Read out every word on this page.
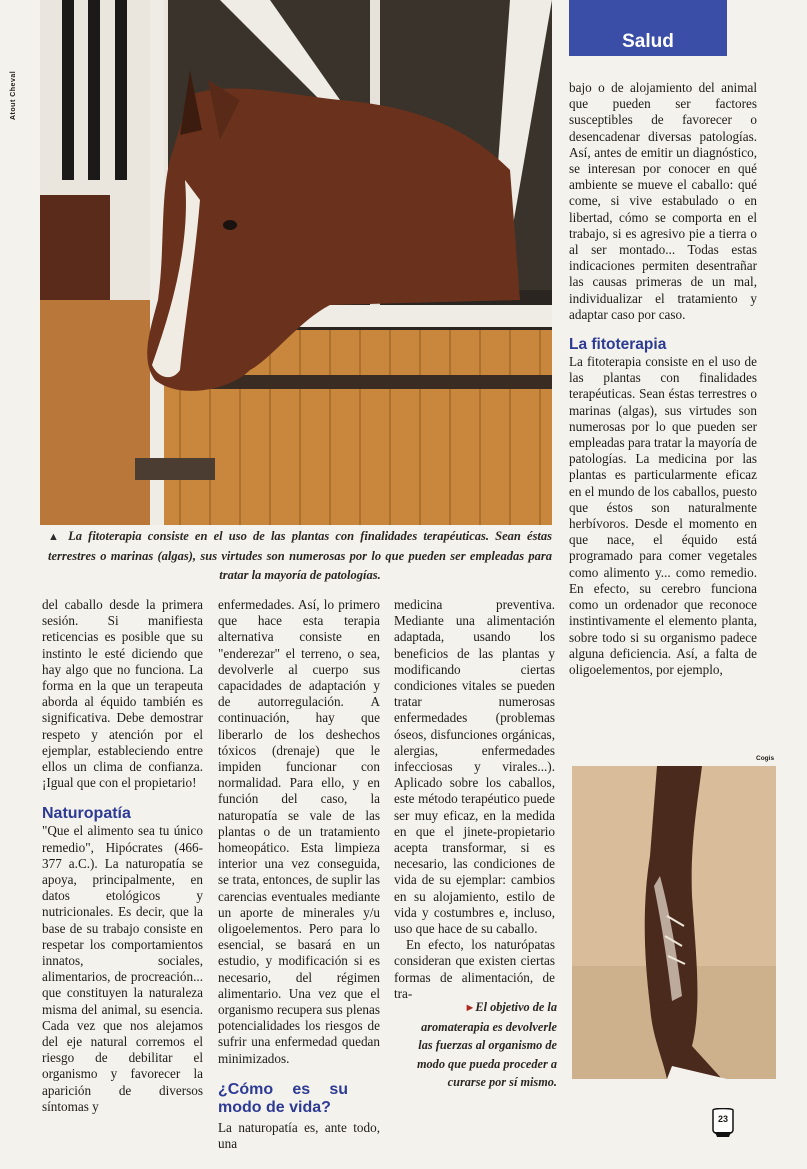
Atout Cheval
Salud
▲ La fitoterapia consiste en el uso de las plantas con finalidades terapéuticas. Sean éstas terrestres o marinas (algas), sus virtudes son numerosas por lo que pueden ser empleadas para tratar la mayoría de patologías.

bajo o de alojamiento del animal que pueden ser factores susceptibles de favorecer o desencadenar diversas patologías. Así, antes de emitir un diagnóstico, se interesan por conocer en qué ambiente se mueve el caballo: qué come, si vive estabulado o en libertad, cómo se comporta en el trabajo, si es agresivo pie a tierra o al ser montado... Todas estas indicaciones permiten desentrañar las causas primeras de un mal, individualizar el tratamiento y adaptar caso por caso.

La fitoterapia

La fitoterapia consiste en el uso de las plantas con finalidades terapéuticas. Sean éstas terrestres o marinas (algas), sus virtudes son numerosas por lo que pueden ser empleadas para tratar la mayoría de patologías. La medicina por las plantas es particularmente eficaz en el mundo de los caballos, puesto que éstos son naturalmente herbívoros. Desde el momento en que nace, el équido está programado para comer vegetales como alimento y... como remedio. En efecto, su cerebro funciona como un ordenador que reconoce instintivamente el elemento planta, sobre todo si su organismo padece alguna deficiencia. Así, a falta de oligoelementos, por ejemplo,

Cogis

del caballo desde la primera sesión. Si manifiesta reticencias es posible que su instinto le esté diciendo que hay algo que no funciona. La forma en la que un terapeuta aborda al équido también es significativa. Debe demostrar respeto y atención por el ejemplar, estableciendo entre ellos un clima de confianza. ¡Igual que con el propietario!

Naturopatía

"Que el alimento sea tu único remedio", Hipócrates (466-377 a.C.). La naturopatía se apoya, principalmente, en datos etológicos y nutricionales. Es decir, que la base de su trabajo consiste en respetar los comportamientos innatos, sociales, alimentarios, de procreación... que constituyen la naturaleza misma del animal, su esencia. Cada vez que nos alejamos del eje natural corremos el riesgo de debilitar el organismo y favorecer la aparición de diversos síntomas y

enfermedades. Así, lo primero que hace esta terapia alternativa consiste en "enderezar" el terreno, o sea, devolverle al cuerpo sus capacidades de adaptación y de autorregulación. A continuación, hay que liberarlo de los deshechos tóxicos (drenaje) que le impiden funcionar con normalidad. Para ello, y en función del caso, la naturopatía se vale de las plantas o de un tratamiento homeopático. Esta limpieza interior una vez conseguida, se trata, entonces, de suplir las carencias eventuales mediante un aporte de minerales y/u oligoelementos. Pero para lo esencial, se basará en un estudio, y modificación si es necesario, del régimen alimentario. Una vez que el organismo recupera sus plenas potencialidades los riesgos de sufrir una enfermedad quedan minimizados.

¿Cómo es su modo de vida?

La naturopatía es, ante todo, una

medicina preventiva. Mediante una alimentación adaptada, usando los beneficios de las plantas y modificando ciertas condiciones vitales se pueden tratar numerosas enfermedades (problemas óseos, disfunciones orgánicas, alergias, enfermedades infecciosas y virales...). Aplicado sobre los caballos, este método terapéutico puede ser muy eficaz, en la medida en que el jinete-propietario acepta transformar, si es necesario, las condiciones de vida de su ejemplar: cambios en su alojamiento, estilo de vida y costumbres e, incluso, uso que hace de su caballo.

En efecto, los naturópatas consideran que existen ciertas formas de alimentación, de tra-

►El objetivo de la aromaterapia es devolverle las fuerzas al organismo de modo que pueda proceder a curarse por sí mismo.
23
